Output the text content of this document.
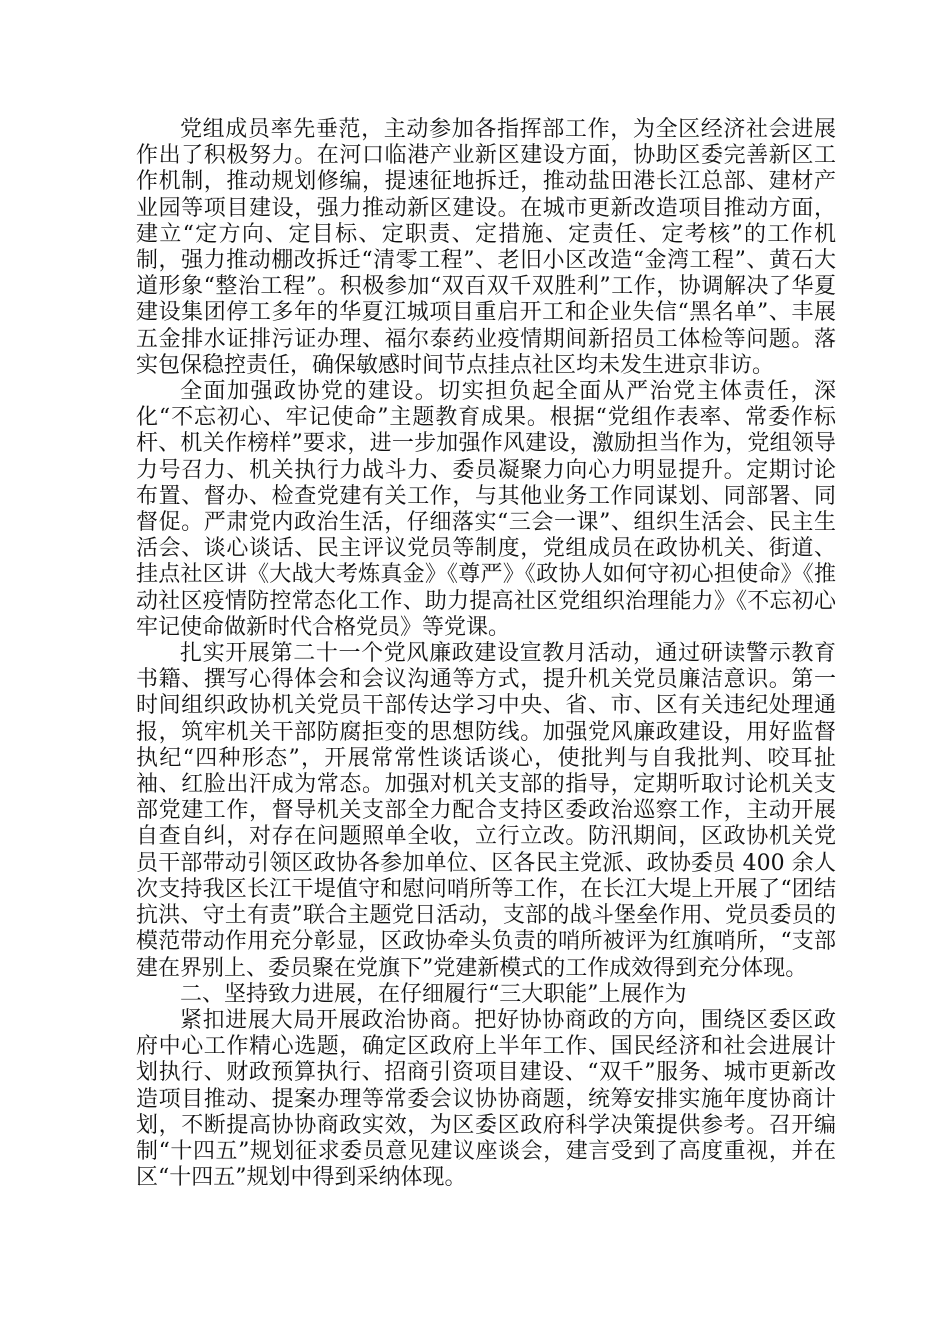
党组成员率先垂范，主动参加各指挥部工作，为全区经济社会进展作出了积极努力。在河口临港产业新区建设方面，协助区委完善新区工作机制，推动规划修编，提速征地拆迁，推动盐田港长江总部、建材产业园等项目建设，强力推动新区建设。在城市更新改造项目推动方面，建立“定方向、定目标、定职责、定措施、定责任、定考核”的工作机制，强力推动棚改拆迁“清零工程”、老旧小区改造“金湾工程”、黄石大道形象“整治工程”。积极参加“双百双千双胜利”工作，协调解决了华夏建设集团停工多年的华夏江城项目重启开工和企业失信“黑名单”、丰展五金排水证排污证办理、福尔泰药业疫情期间新招员工体检等问题。落实包保稳控责任，确保敏感时间节点挂点社区均未发生进京非访。

全面加强政协党的建设。切实担负起全面从严治党主体责任，深化“不忘初心、牢记使命”主题教育成果。根据“党组作表率、常委作标杆、机关作榜样”要求，进一步加强作风建设，激励担当作为，党组领导力号召力、机关执行力战斗力、委员凝聚力向心力明显提升。定期讨论布置、督办、检查党建有关工作，与其他业务工作同谋划、同部署、同督促。严肃党内政治生活，仔细落实“三会一课”、组织生活会、民主生活会、谈心谈话、民主评议党员等制度，党组成员在政协机关、街道、挂点社区讲《大战大考炼真金》《尊严》《政协人如何守初心担使命》《推动社区疫情防控常态化工作、助力提高社区党组织治理能力》《不忘初心牢记使命做新时代合格党员》等党课。

扎实开展第二十一个党风廉政建设宣教月活动，通过研读警示教育书籍、撰写心得体会和会议沟通等方式，提升机关党员廉洁意识。第一时间组织政协机关党员干部传达学习中央、省、市、区有关违纪处理通报，筑牢机关干部防腐拒变的思想防线。加强党风廉政建设，用好监督执纪“四种形态”，开展常常性谈话谈心，使批判与自我批判、咬耳扯袖、红脸出汗成为常态。加强对机关支部的指导，定期听取讨论机关支部党建工作，督导机关支部全力配合支持区委政治巡察工作，主动开展自查自纠，对存在问题照单全收，立行立改。防汛期间，区政协机关党员干部带动引领区政协各参加单位、区各民主党派、政协委员 400 余人次支持我区长江干堤值守和慰问哨所等工作，在长江大堤上开展了“团结抗洪、守土有责”联合主题党日活动，支部的战斗堡垒作用、党员委员的模范带动作用充分彰显，区政协牵头负责的哨所被评为红旗哨所，“支部建在界别上、委员聚在党旗下”党建新模式的工作成效得到充分体现。

二、坚持致力进展，在仔细履行“三大职能”上展作为

紧扣进展大局开展政治协商。把好协协商政的方向，围绕区委区政府中心工作精心选题，确定区政府上半年工作、国民经济和社会进展计划执行、财政预算执行、招商引资项目建设、“双千”服务、城市更新改造项目推动、提案办理等常委会议协协商题，统筹安排实施年度协商计划，不断提高协协商政实效，为区委区政府科学决策提供参考。召开编制“十四五”规划征求委员意见建议座谈会，建言受到了高度重视，并在区“十四五”规划中得到采纳体现。
